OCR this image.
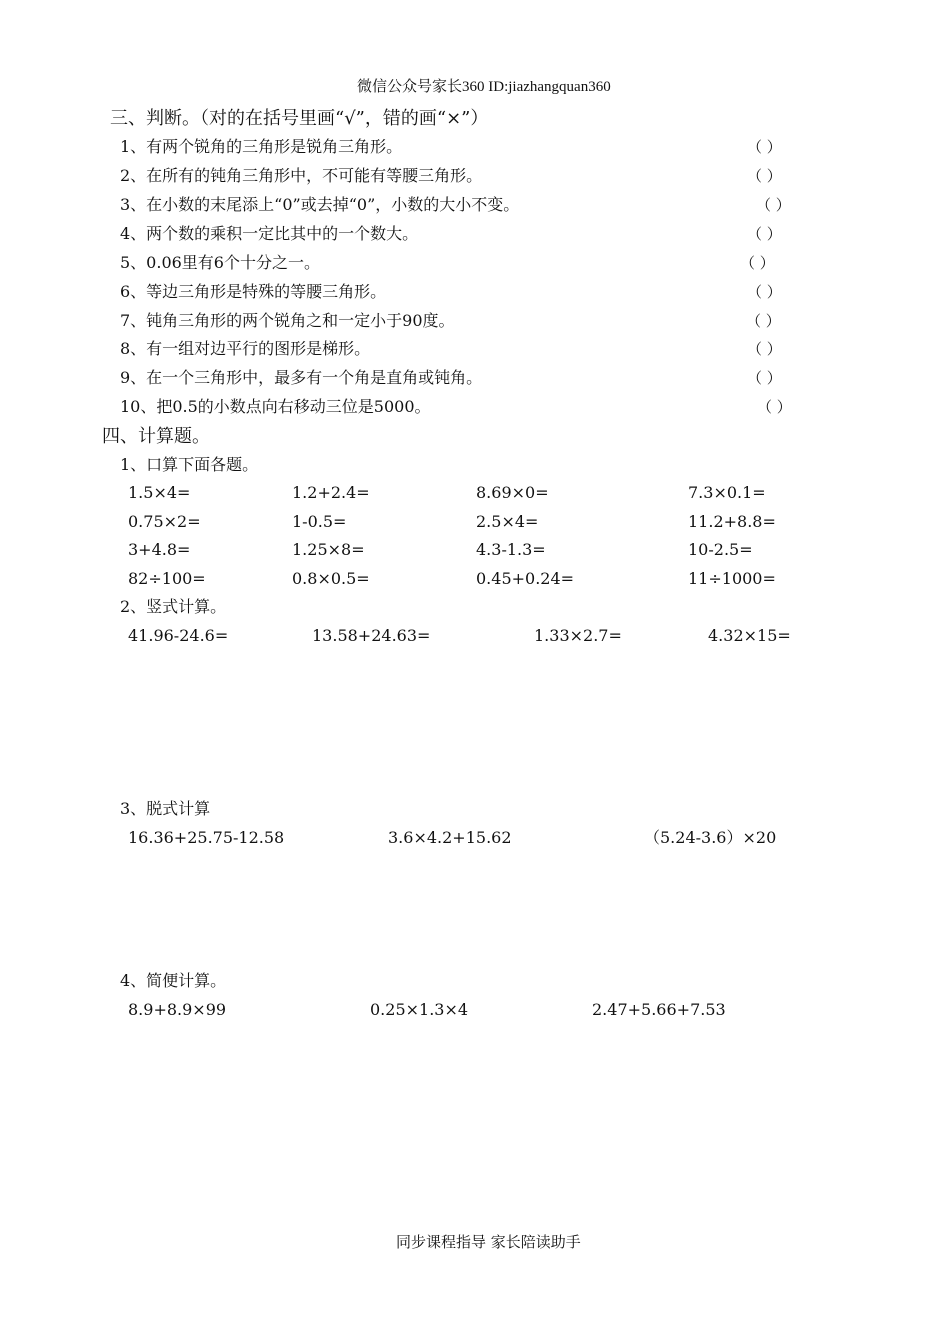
微信公众号家长360 ID:jiazhangquan360
三、判断。（对的在括号里画“√”，错的画“×”）
1、有两个锐角的三角形是锐角三角形。	（ ）
2、在所有的钝角三角形中，不可能有等腰三角形。	（ ）
3、在小数的末尾添上“0”或去掉“0”，小数的大小不变。	（ ）
4、两个数的乘积一定比其中的一个数大。	（ ）
5、0.06里有6个十分之一。	（ ）
6、等边三角形是特殊的等腰三角形。	（ ）
7、钝角三角形的两个锐角之和一定小于90度。	（ ）
8、有一组对边平行的图形是梯形。	（ ）
9、在一个三角形中，最多有一个角是直角或钝角。	（ ）
10、把0.5的小数点向右移动三位是5000。	（ ）
四、计算题。
1、口算下面各题。
1.5×4=	1.2+2.4=	8.69×0=	7.3×0.1=
0.75×2=	1-0.5=	2.5×4=	11.2+8.8=
3+4.8=	1.25×8=	4.3-1.3=	10-2.5=
82÷100=	0.8×0.5=	0.45+0.24=	11÷1000=
2、竖式计算。
41.96-24.6=	13.58+24.63=	1.33×2.7=	4.32×15=
3、脱式计算
16.36+25.75-12.58	3.6×4.2+15.62	（5.24-3.6）×20
4、简便计算。
8.9+8.9×99	0.25×1.3×4	2.47+5.66+7.53
同步课程指导 家长陪读助手
